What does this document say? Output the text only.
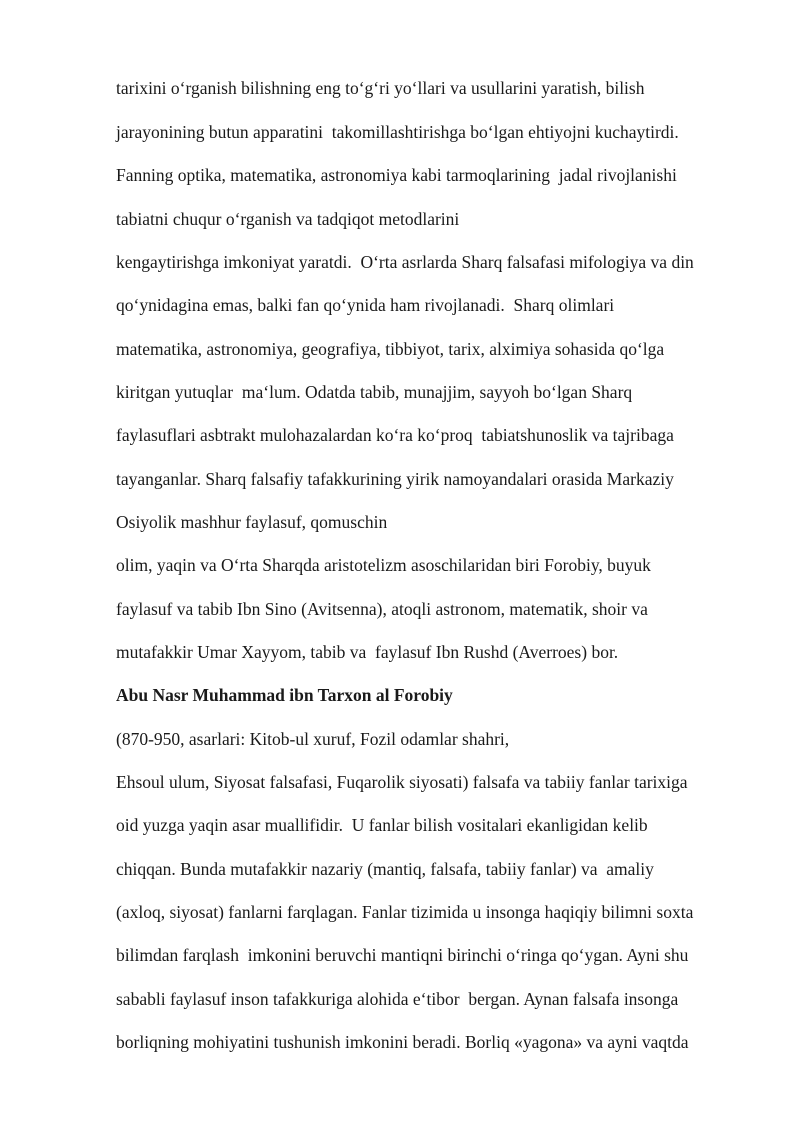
tarixini o‘rganish bilishning eng to‘g‘ri yo‘llari va usullarini yaratish, bilish
jarayonining butun apparatini  takomillashtirishga bo‘lgan ehtiyojni kuchaytirdi.
Fanning optika, matematika, astronomiya kabi tarmoqlarining  jadal rivojlanishi
tabiatni chuqur o‘rganish va tadqiqot metodlarini
kengaytirishga imkoniyat yaratdi.  O‘rta asrlarda Sharq falsafasi mifologiya va din
qo‘ynidagina emas, balki fan qo‘ynida ham rivojlanadi.  Sharq olimlari
matematika, astronomiya, geografiya, tibbiyot, tarix, alximiya sohasida qo‘lga
kiritgan yutuqlar  ma‘lum. Odatda tabib, munajjim, sayyoh bo‘lgan Sharq
faylasuflari asbtrakt mulohazalardan ko‘ra ko‘proq  tabiatshunoslik va tajribaga
tayanganlar. Sharq falsafiy tafakkurining yirik namoyandalari orasida Markaziy
Osiyolik mashhur faylasuf, qomuschin
olim, yaqin va O‘rta Sharqda aristotelizm asoschilaridan biri Forobiy, buyuk
faylasuf va tabib Ibn Sino (Avitsenna), atoqli astronom, matematik, shoir va
mutafakkir Umar Xayyom, tabib va  faylasuf Ibn Rushd (Averroes) bor.
Abu Nasr Muhammad ibn Tarxon al Forobiy
(870-950, asarlari: Kitob-ul xuruf, Fozil odamlar shahri,
Ehsoul ulum, Siyosat falsafasi, Fuqarolik siyosati) falsafa va tabiiy fanlar tarixiga
oid yuzga yaqin asar muallifidir.  U fanlar bilish vositalari ekanligidan kelib
chiqqan. Bunda mutafakkir nazariy (mantiq, falsafa, tabiiy fanlar) va  amaliy
(axloq, siyosat) fanlarni farqlagan. Fanlar tizimida u insonga haqiqiy bilimni soxta
bilimdan farqlash  imkonini beruvchi mantiqni birinchi o‘ringa qo‘ygan. Ayni shu
sababli faylasuf inson tafakkuriga alohida e‘tibor  bergan. Aynan falsafa insonga
borliqning mohiyatini tushunish imkonini beradi. Borliq «yagona» va ayni vaqtda
